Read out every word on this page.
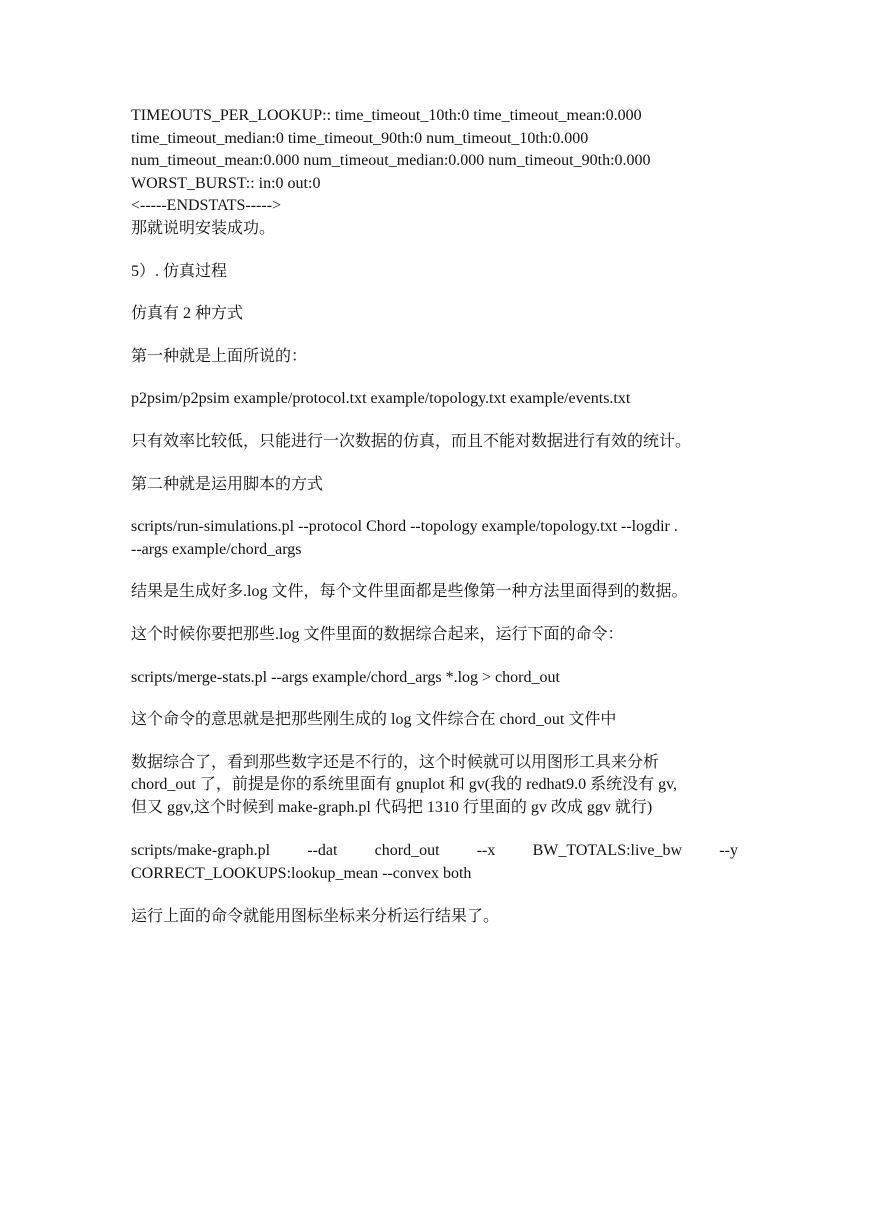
TIMEOUTS_PER_LOOKUP:: time_timeout_10th:0 time_timeout_mean:0.000
time_timeout_median:0 time_timeout_90th:0 num_timeout_10th:0.000
num_timeout_mean:0.000 num_timeout_median:0.000 num_timeout_90th:0.000
WORST_BURST:: in:0 out:0
<-----ENDSTATS----->
那就说明安装成功。

5）. 仿真过程

仿真有 2 种方式

第一种就是上面所说的：

p2psim/p2psim example/protocol.txt example/topology.txt example/events.txt

只有效率比较低，只能进行一次数据的仿真，而且不能对数据进行有效的统计。

第二种就是运用脚本的方式

scripts/run-simulations.pl --protocol Chord --topology example/topology.txt --logdir .
--args example/chord_args

结果是生成好多.log 文件，每个文件里面都是些像第一种方法里面得到的数据。

这个时候你要把那些.log 文件里面的数据综合起来，运行下面的命令：

scripts/merge-stats.pl --args example/chord_args *.log > chord_out

这个命令的意思就是把那些刚生成的 log 文件综合在 chord_out 文件中

数据综合了，看到那些数字还是不行的，这个时候就可以用图形工具来分析
chord_out 了，前提是你的系统里面有 gnuplot 和 gv(我的 redhat9.0 系统没有 gv,
但又 ggv,这个时候到 make-graph.pl 代码把 1310 行里面的 gv 改成 ggv 就行)
scripts/make-graph.pl --dat chord_out --x BW_TOTALS:live_bw --y
CORRECT_LOOKUPS:lookup_mean --convex both

运行上面的命令就能用图标坐标来分析运行结果了。
